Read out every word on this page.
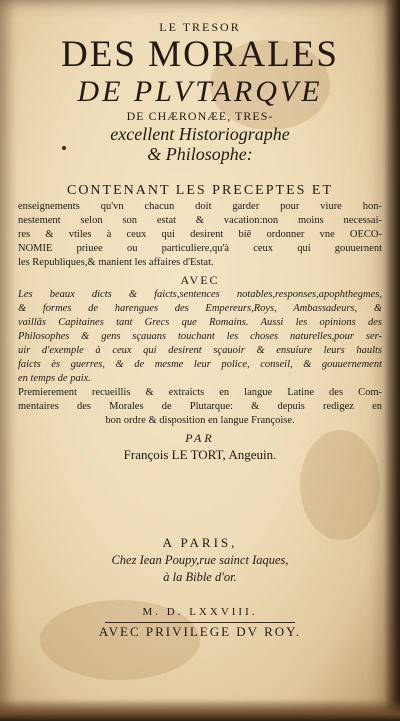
LE TRESOR
DES MORALES
DE PLVTARQVE
DE CHÆRONÆE, TRES-
excellent Historiographe
& Philosophe:
CONTENANT LES PRECEPTES ET
enseignements qu'vn chacun doit garder pour viure hon-
nestement selon son estat & vacation:non moins necessai-
res & vtiles à ceux qui desirent biē ordonner vne OECO-
NOMIE priuee ou particuliere,qu'à ceux qui gouuernent
les Republiques,& manient les affaires d'Estat.
AVEC
Les beaux dicts & faicts,sentences notables,responses,apophthegmes,
& formes de harengues des Empereurs,Roys, Ambassadeurs, &
vaillās Capitaines tant Grecs que Romains. Aussi les opinions des
Philosophes & gens sçauans touchant les choses naturelles,pour ser-
uir d'exemple à ceux qui desirent sçauoir & ensuiure leurs haults
faicts ès guerres, & de mesme leur police, conseil, & gouuernement
en temps de paix.
Premierement recueillis & extraicts en langue Latine des Com-
mentaires des Morales de Plutarque: & depuis redigez en
bon ordre & disposition en langue Françoise.
PAR
François LE TORT, Angeuin.
A PARIS,
Chez Iean Poupy,rue sainct Iaques,
à la Bible d'or.
M. D. LXXVIII.
AVEC PRIVILEGE DV ROY.
